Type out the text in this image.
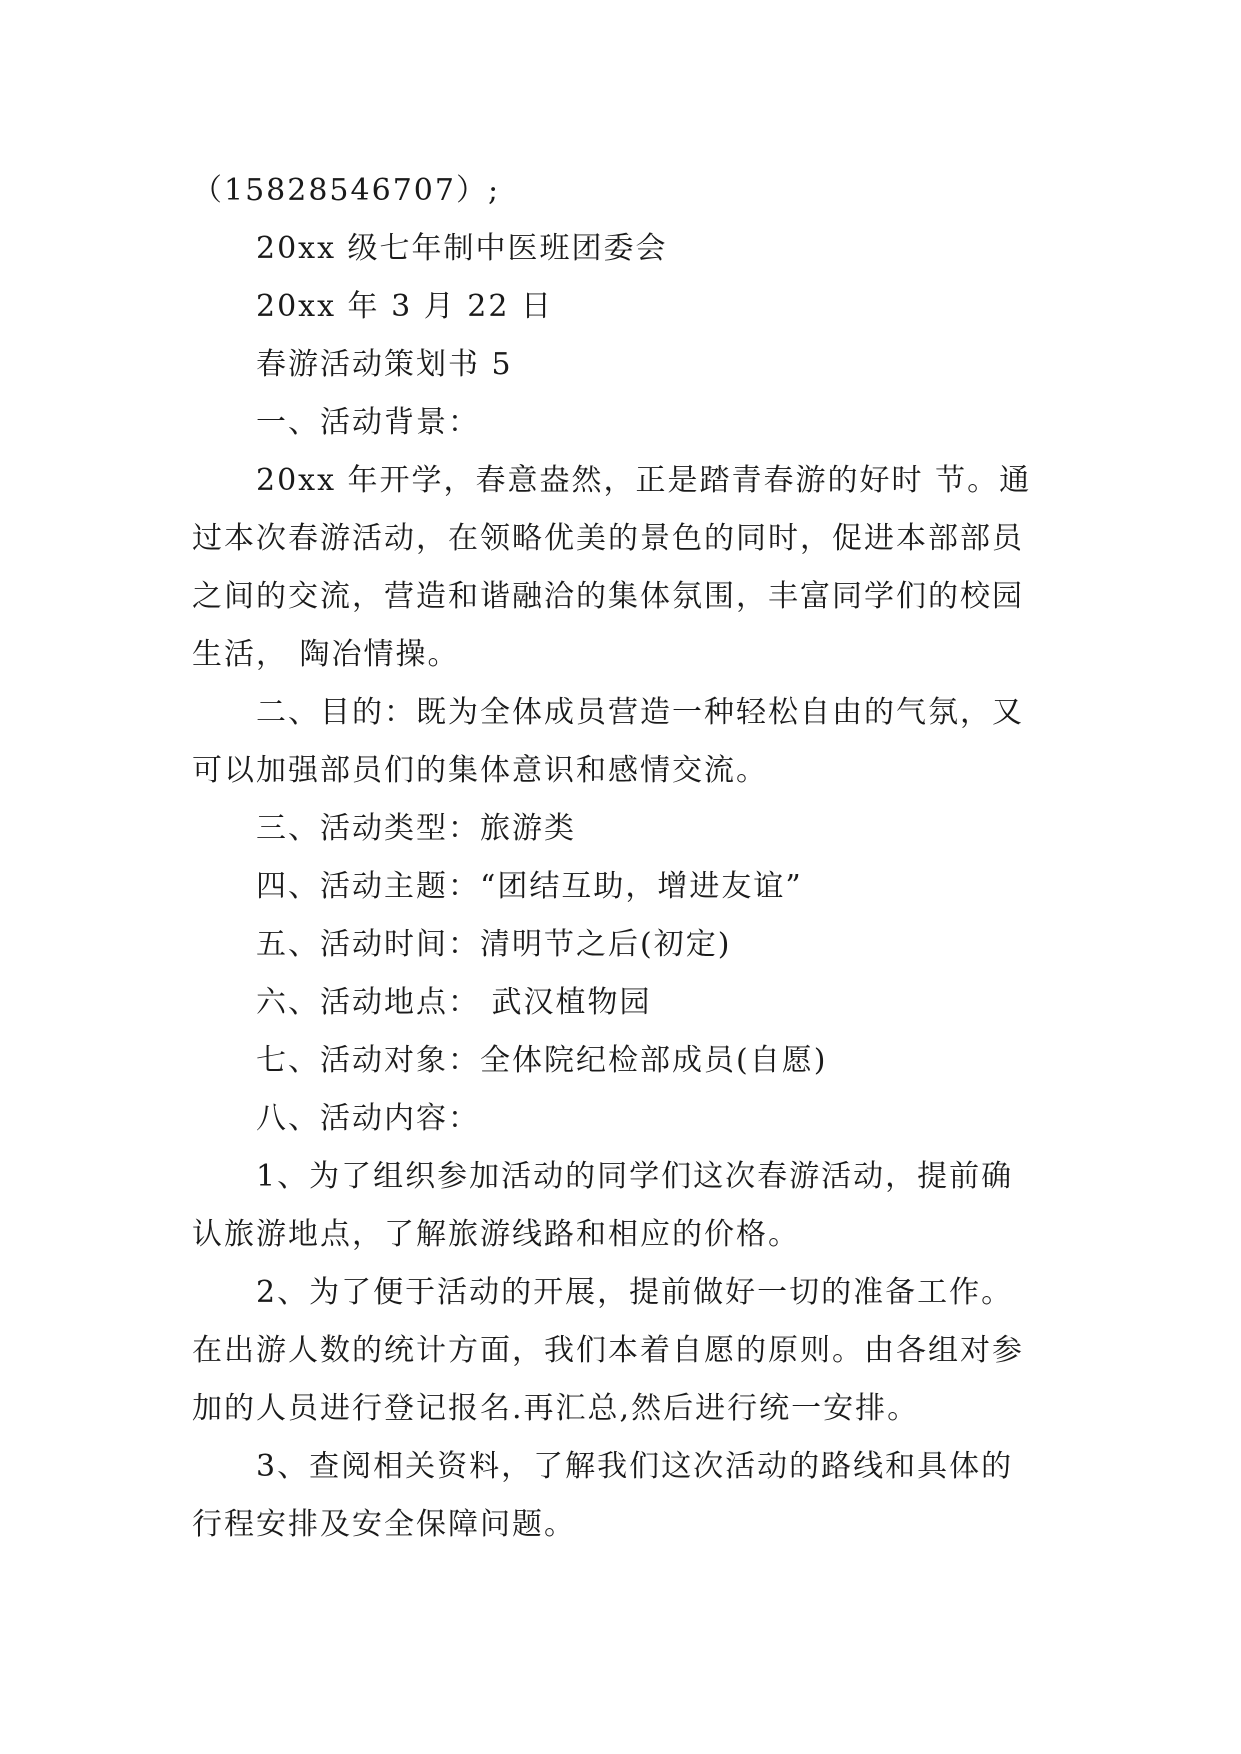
（15828546707）;
20xx 级七年制中医班团委会
20xx 年 3 月 22 日
春游活动策划书 5
一、活动背景：
20xx 年开学，春意盎然，正是踏青春游的好时 节。通
过本次春游活动，在领略优美的景色的同时，促进本部部员
之间的交流，营造和谐融洽的集体氛围，丰富同学们的校园
生活， 陶冶情操。
二、目的：既为全体成员营造一种轻松自由的气氛，又
可以加强部员们的集体意识和感情交流。
三、活动类型：旅游类
四、活动主题：“团结互助，增进友谊”
五、活动时间：清明节之后(初定)
六、活动地点： 武汉植物园
七、活动对象：全体院纪检部成员(自愿)
八、活动内容：
1、为了组织参加活动的同学们这次春游活动，提前确
认旅游地点，了解旅游线路和相应的价格。
2、为了便于活动的开展，提前做好一切的准备工作。
在出游人数的统计方面，我们本着自愿的原则。由各组对参
加的人员进行登记报名.再汇总,然后进行统一安排。
3、查阅相关资料，了解我们这次活动的路线和具体的
行程安排及安全保障问题。
